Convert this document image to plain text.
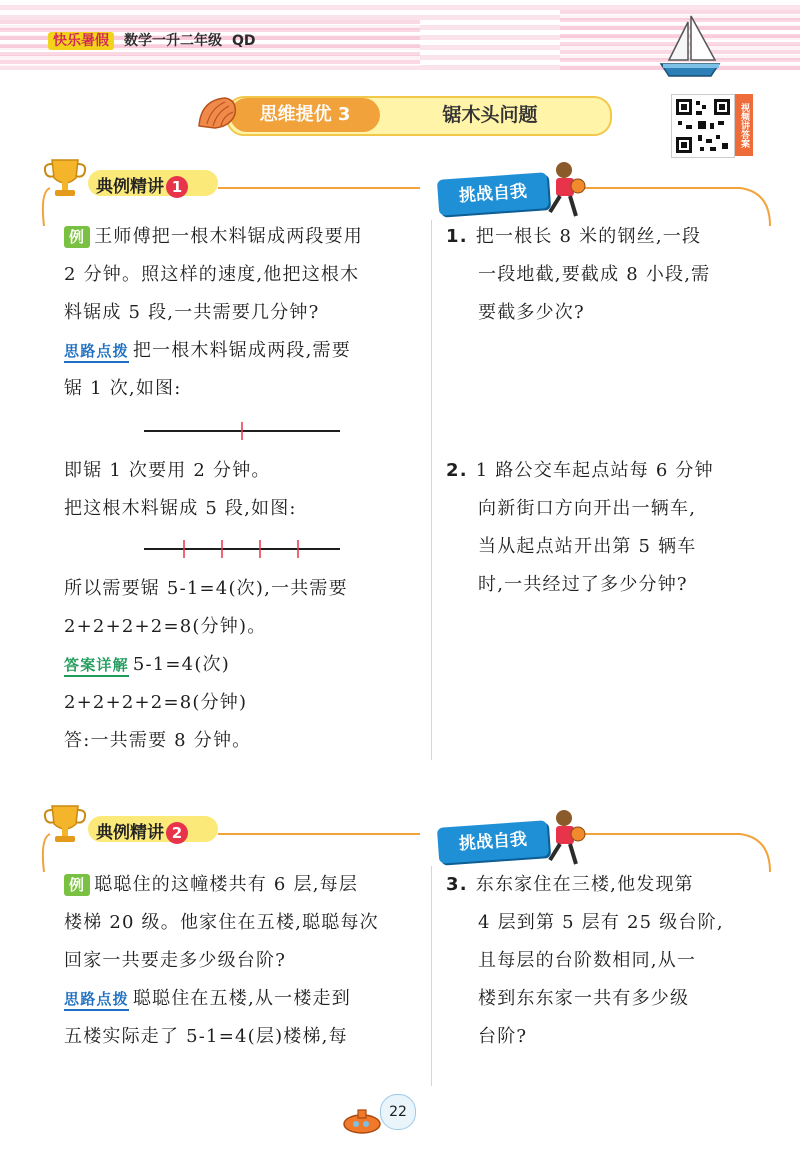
快乐暑假 数学一升二年级 QD
思维提优 3	锯木头问题	视频讲答案
典例精讲 1	挑战自我
例 王师傅把一根木料锯成两段要用
2 分钟。照这样的速度,他把这根木
料锯成 5 段,一共需要几分钟?
思路点拨 把一根木料锯成两段,需要
锯 1 次,如图:
即锯 1 次要用 2 分钟。
把这根木料锯成 5 段,如图:
所以需要锯 5-1=4(次),一共需要
2+2+2+2=8(分钟)。
答案详解 5-1=4(次)
2+2+2+2=8(分钟)
答:一共需要 8 分钟。
1. 把一根长 8 米的钢丝,一段
一段地截,要截成 8 小段,需
要截多少次?
2. 1 路公交车起点站每 6 分钟
向新街口方向开出一辆车,
当从起点站开出第 5 辆车
时,一共经过了多少分钟?
典例精讲 2	挑战自我
例 聪聪住的这幢楼共有 6 层,每层
楼梯 20 级。他家住在五楼,聪聪每次
回家一共要走多少级台阶?
思路点拨 聪聪住在五楼,从一楼走到
五楼实际走了 5-1=4(层)楼梯,每
3. 东东家住在三楼,他发现第
4 层到第 5 层有 25 级台阶,
且每层的台阶数相同,从一
楼到东东家一共有多少级
台阶?
22
